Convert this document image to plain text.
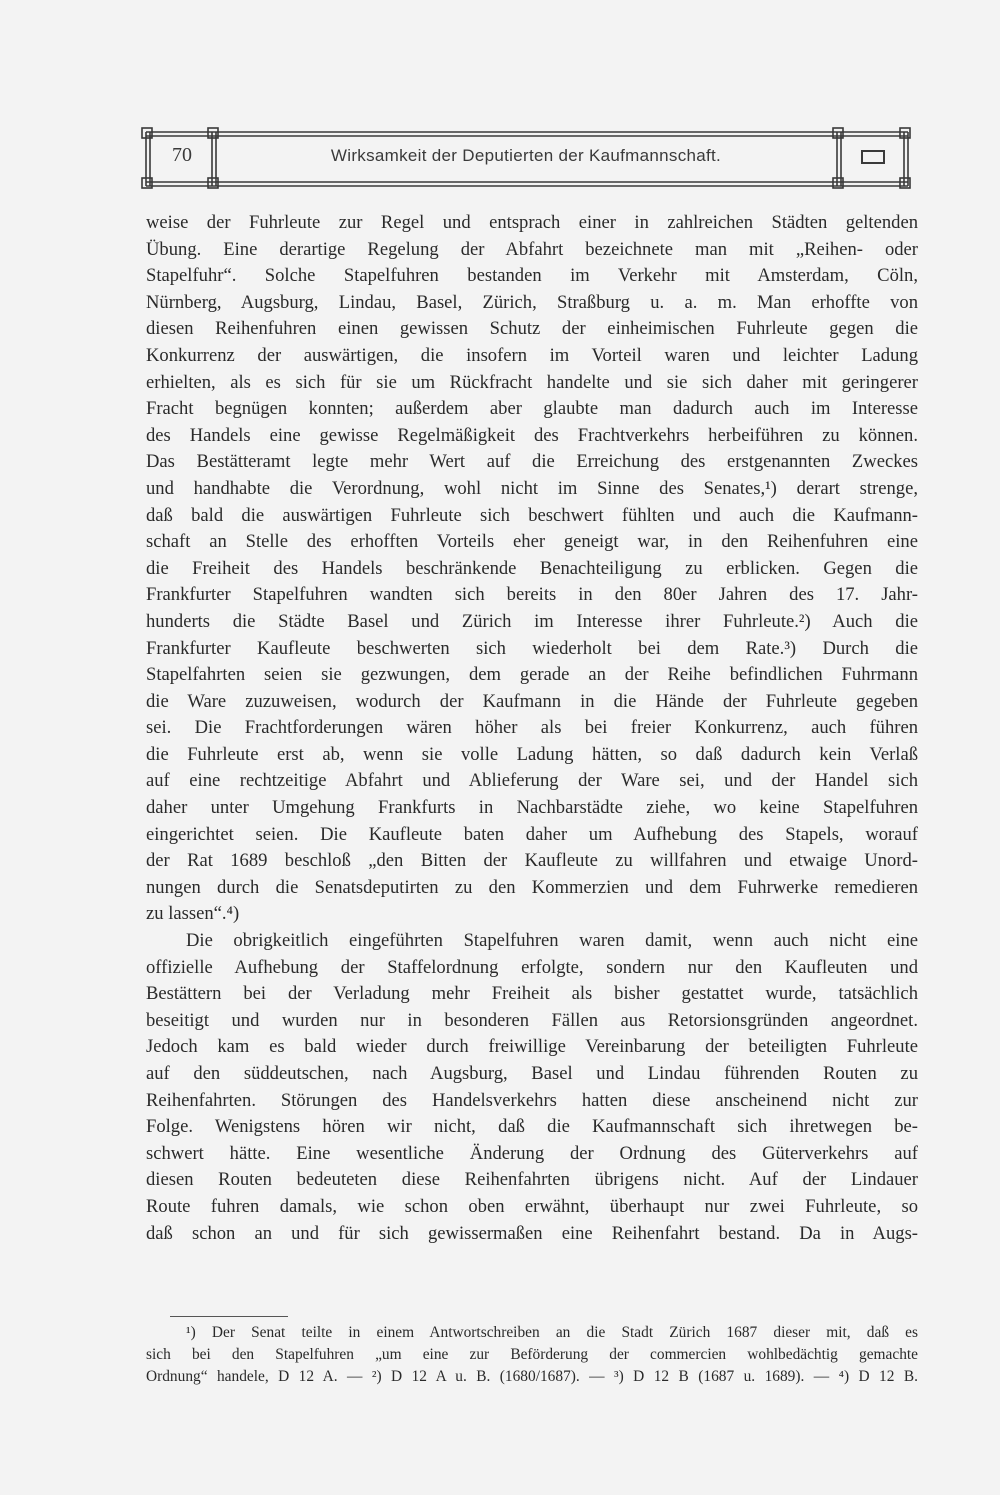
70	Wirksamkeit der Deputierten der Kaufmannschaft.
weise der Fuhrleute zur Regel und entsprach einer in zahlreichen Städten geltenden
Übung. Eine derartige Regelung der Abfahrt bezeichnete man mit „Reihen- oder
Stapelfuhr“. Solche Stapelfuhren bestanden im Verkehr mit Amsterdam, Cöln,
Nürnberg, Augsburg, Lindau, Basel, Zürich, Straßburg u. a. m. Man erhoffte von
diesen Reihenfuhren einen gewissen Schutz der einheimischen Fuhrleute gegen die
Konkurrenz der auswärtigen, die insofern im Vorteil waren und leichter Ladung
erhielten, als es sich für sie um Rückfracht handelte und sie sich daher mit geringerer
Fracht begnügen konnten; außerdem aber glaubte man dadurch auch im Interesse
des Handels eine gewisse Regelmäßigkeit des Frachtverkehrs herbeiführen zu können.
Das Bestätteramt legte mehr Wert auf die Erreichung des erstgenannten Zweckes
und handhabte die Verordnung, wohl nicht im Sinne des Senates,¹) derart strenge,
daß bald die auswärtigen Fuhrleute sich beschwert fühlten und auch die Kaufmann-
schaft an Stelle des erhofften Vorteils eher geneigt war, in den Reihenfuhren eine
die Freiheit des Handels beschränkende Benachteiligung zu erblicken. Gegen die
Frankfurter Stapelfuhren wandten sich bereits in den 80er Jahren des 17. Jahr-
hunderts die Städte Basel und Zürich im Interesse ihrer Fuhrleute.²) Auch die
Frankfurter Kaufleute beschwerten sich wiederholt bei dem Rate.³) Durch die
Stapelfahrten seien sie gezwungen, dem gerade an der Reihe befindlichen Fuhrmann
die Ware zuzuweisen, wodurch der Kaufmann in die Hände der Fuhrleute gegeben
sei. Die Frachtforderungen wären höher als bei freier Konkurrenz, auch führen
die Fuhrleute erst ab, wenn sie volle Ladung hätten, so daß dadurch kein Verlaß
auf eine rechtzeitige Abfahrt und Ablieferung der Ware sei, und der Handel sich
daher unter Umgehung Frankfurts in Nachbarstädte ziehe, wo keine Stapelfuhren
eingerichtet seien. Die Kaufleute baten daher um Aufhebung des Stapels, worauf
der Rat 1689 beschloß „den Bitten der Kaufleute zu willfahren und etwaige Unord-
nungen durch die Senatsdeputirten zu den Kommerzien und dem Fuhrwerke remedieren
zu lassen“.⁴)
Die obrigkeitlich eingeführten Stapelfuhren waren damit, wenn auch nicht eine
offizielle Aufhebung der Staffelordnung erfolgte, sondern nur den Kaufleuten und
Bestättern bei der Verladung mehr Freiheit als bisher gestattet wurde, tatsächlich
beseitigt und wurden nur in besonderen Fällen aus Retorsionsgründen angeordnet.
Jedoch kam es bald wieder durch freiwillige Vereinbarung der beteiligten Fuhrleute
auf den süddeutschen, nach Augsburg, Basel und Lindau führenden Routen zu
Reihenfahrten. Störungen des Handelsverkehrs hatten diese anscheinend nicht zur
Folge. Wenigstens hören wir nicht, daß die Kaufmannschaft sich ihretwegen be-
schwert hätte. Eine wesentliche Änderung der Ordnung des Güterverkehrs auf
diesen Routen bedeuteten diese Reihenfahrten übrigens nicht. Auf der Lindauer
Route fuhren damals, wie schon oben erwähnt, überhaupt nur zwei Fuhrleute, so
daß schon an und für sich gewissermaßen eine Reihenfahrt bestand. Da in Augs-
¹) Der Senat teilte in einem Antwortschreiben an die Stadt Zürich 1687 dieser mit, daß es
sich bei den Stapelfuhren „um eine zur Beförderung der commercien wohlbedächtig gemachte
Ordnung“ handele, D 12 A. — ²) D 12 A u. B. (1680/1687). — ³) D 12 B (1687 u. 1689). — ⁴) D 12 B.
